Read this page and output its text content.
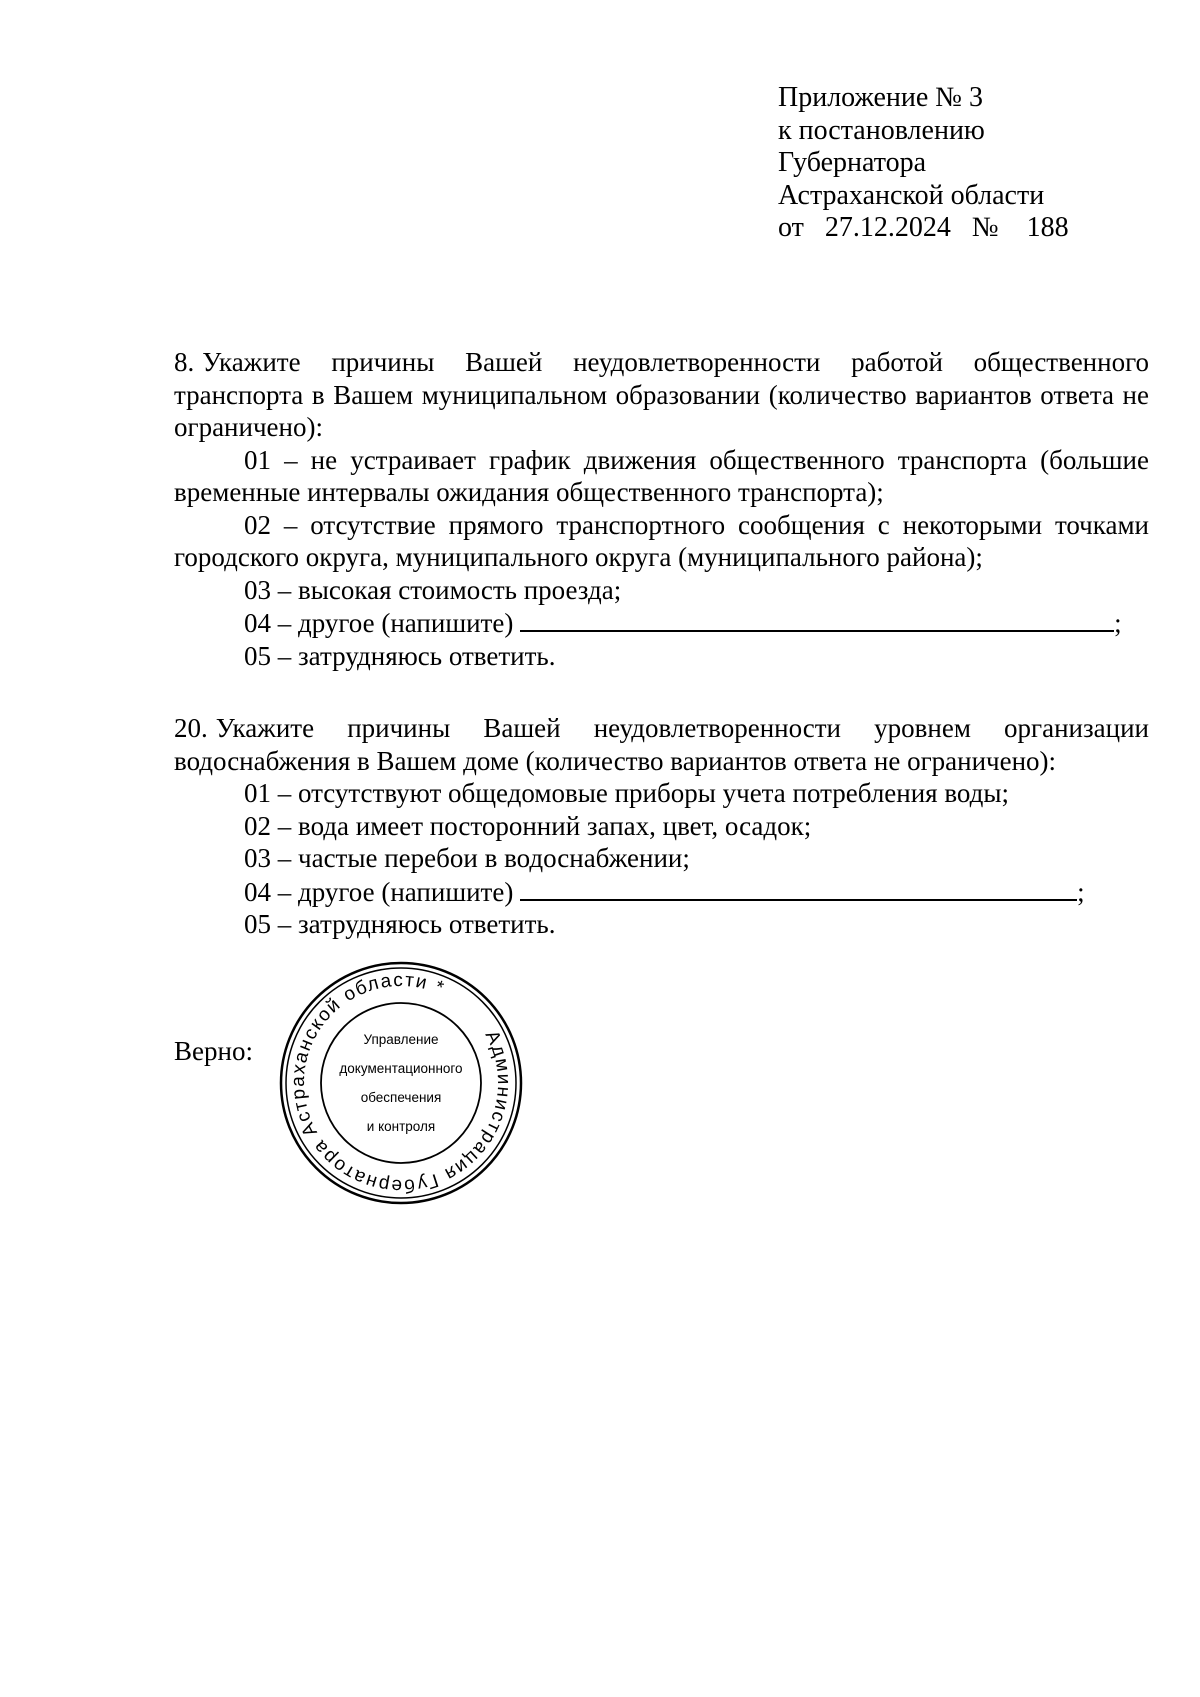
Приложение № 3
к постановлению
Губернатора
Астраханской области
от   27.12.2024   №    188
8. Укажите причины Вашей неудовлетворенности работой общественного транспорта в Вашем муниципальном образовании (количество вариантов ответа не ограничено):
01 – не устраивает график движения общественного транспорта (большие временные интервалы ожидания общественного транспорта);
02 – отсутствие прямого транспортного сообщения с некоторыми точками городского округа, муниципального округа (муниципального района);
03 – высокая стоимость проезда;
04 – другое (напишите)	;
05 – затрудняюсь ответить.
20. Укажите причины Вашей неудовлетворенности уровнем организации водоснабжения в Вашем доме (количество вариантов ответа не ограничено):
01 – отсутствуют общедомовые приборы учета потребления воды;
02 – вода имеет посторонний запах, цвет, осадок;
03 – частые перебои в водоснабжении;
04 – другое (напишите)	;
05 – затрудняюсь ответить.
Верно:	Администрация Губернатора Астраханской области *
Управление
документационного
обеспечения
и контроля
